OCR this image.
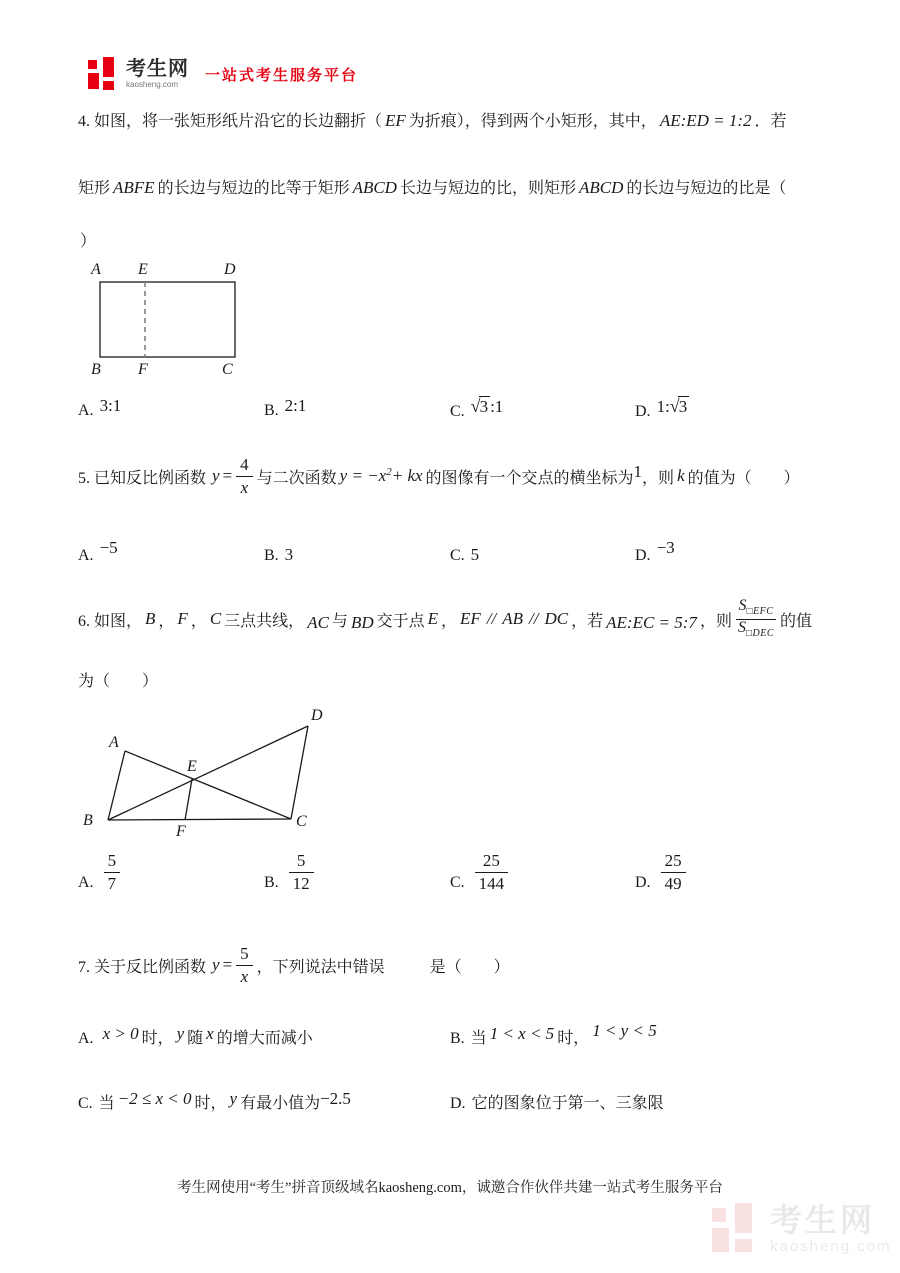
考生网
kaosheng.com
一站式考生服务平台
4. 如图，将一张矩形纸片沿它的长边翻折（ EF 为折痕），得到两个小矩形，其中， AE:ED = 1:2 ．若
矩形 ABFE 的长边与短边的比等于矩形 ABCD 长边与短边的比，则矩形 ABCD 的长边与短边的比是（
）
A E	D
B F	C
A. 3:1	B. 2:1	C. √3 :1	D. 1:√3
5. 已知反比例函数 $y = \frac{4}{x}$ 与二次函数 $y = -x^2+$ kx 的图像有一个交点的横坐标为 1 ，则 k 的值为（　　）
A. −5	B. 3	C. 5	D. −3
6. 如图， B ， F ， C 三点共线， AC 与 BD 交于点 E ， EF // AB // DC ，若 AE:EC = 5:7 ，则 $\frac{S_{□EFC}}{S_{□DEC}}$ 的值
为（　　）
A
D
B	C
E
F
A. $\frac{5}{7}$	B. $\frac{5}{12}$	C. $\frac{25}{144}$	D. $\frac{25}{49}$
7. 关于反比例函数 $y = \frac{5}{x}$ ，下列说法中错误	是（　　）
A. x > 0 时， y 随 x 的增大而减小	B. 当 1 < x < 5 时， 1 < y < 5
C. 当 −2 ≤ x < 0 时， y 有最小值为−2.5	D. 它的图象位于第一、三象限
考生网使用“考生”拼音顶级域名kaosheng.com，诚邀合作伙伴共建一站式考生服务平台
考生网
kaosheng.com
